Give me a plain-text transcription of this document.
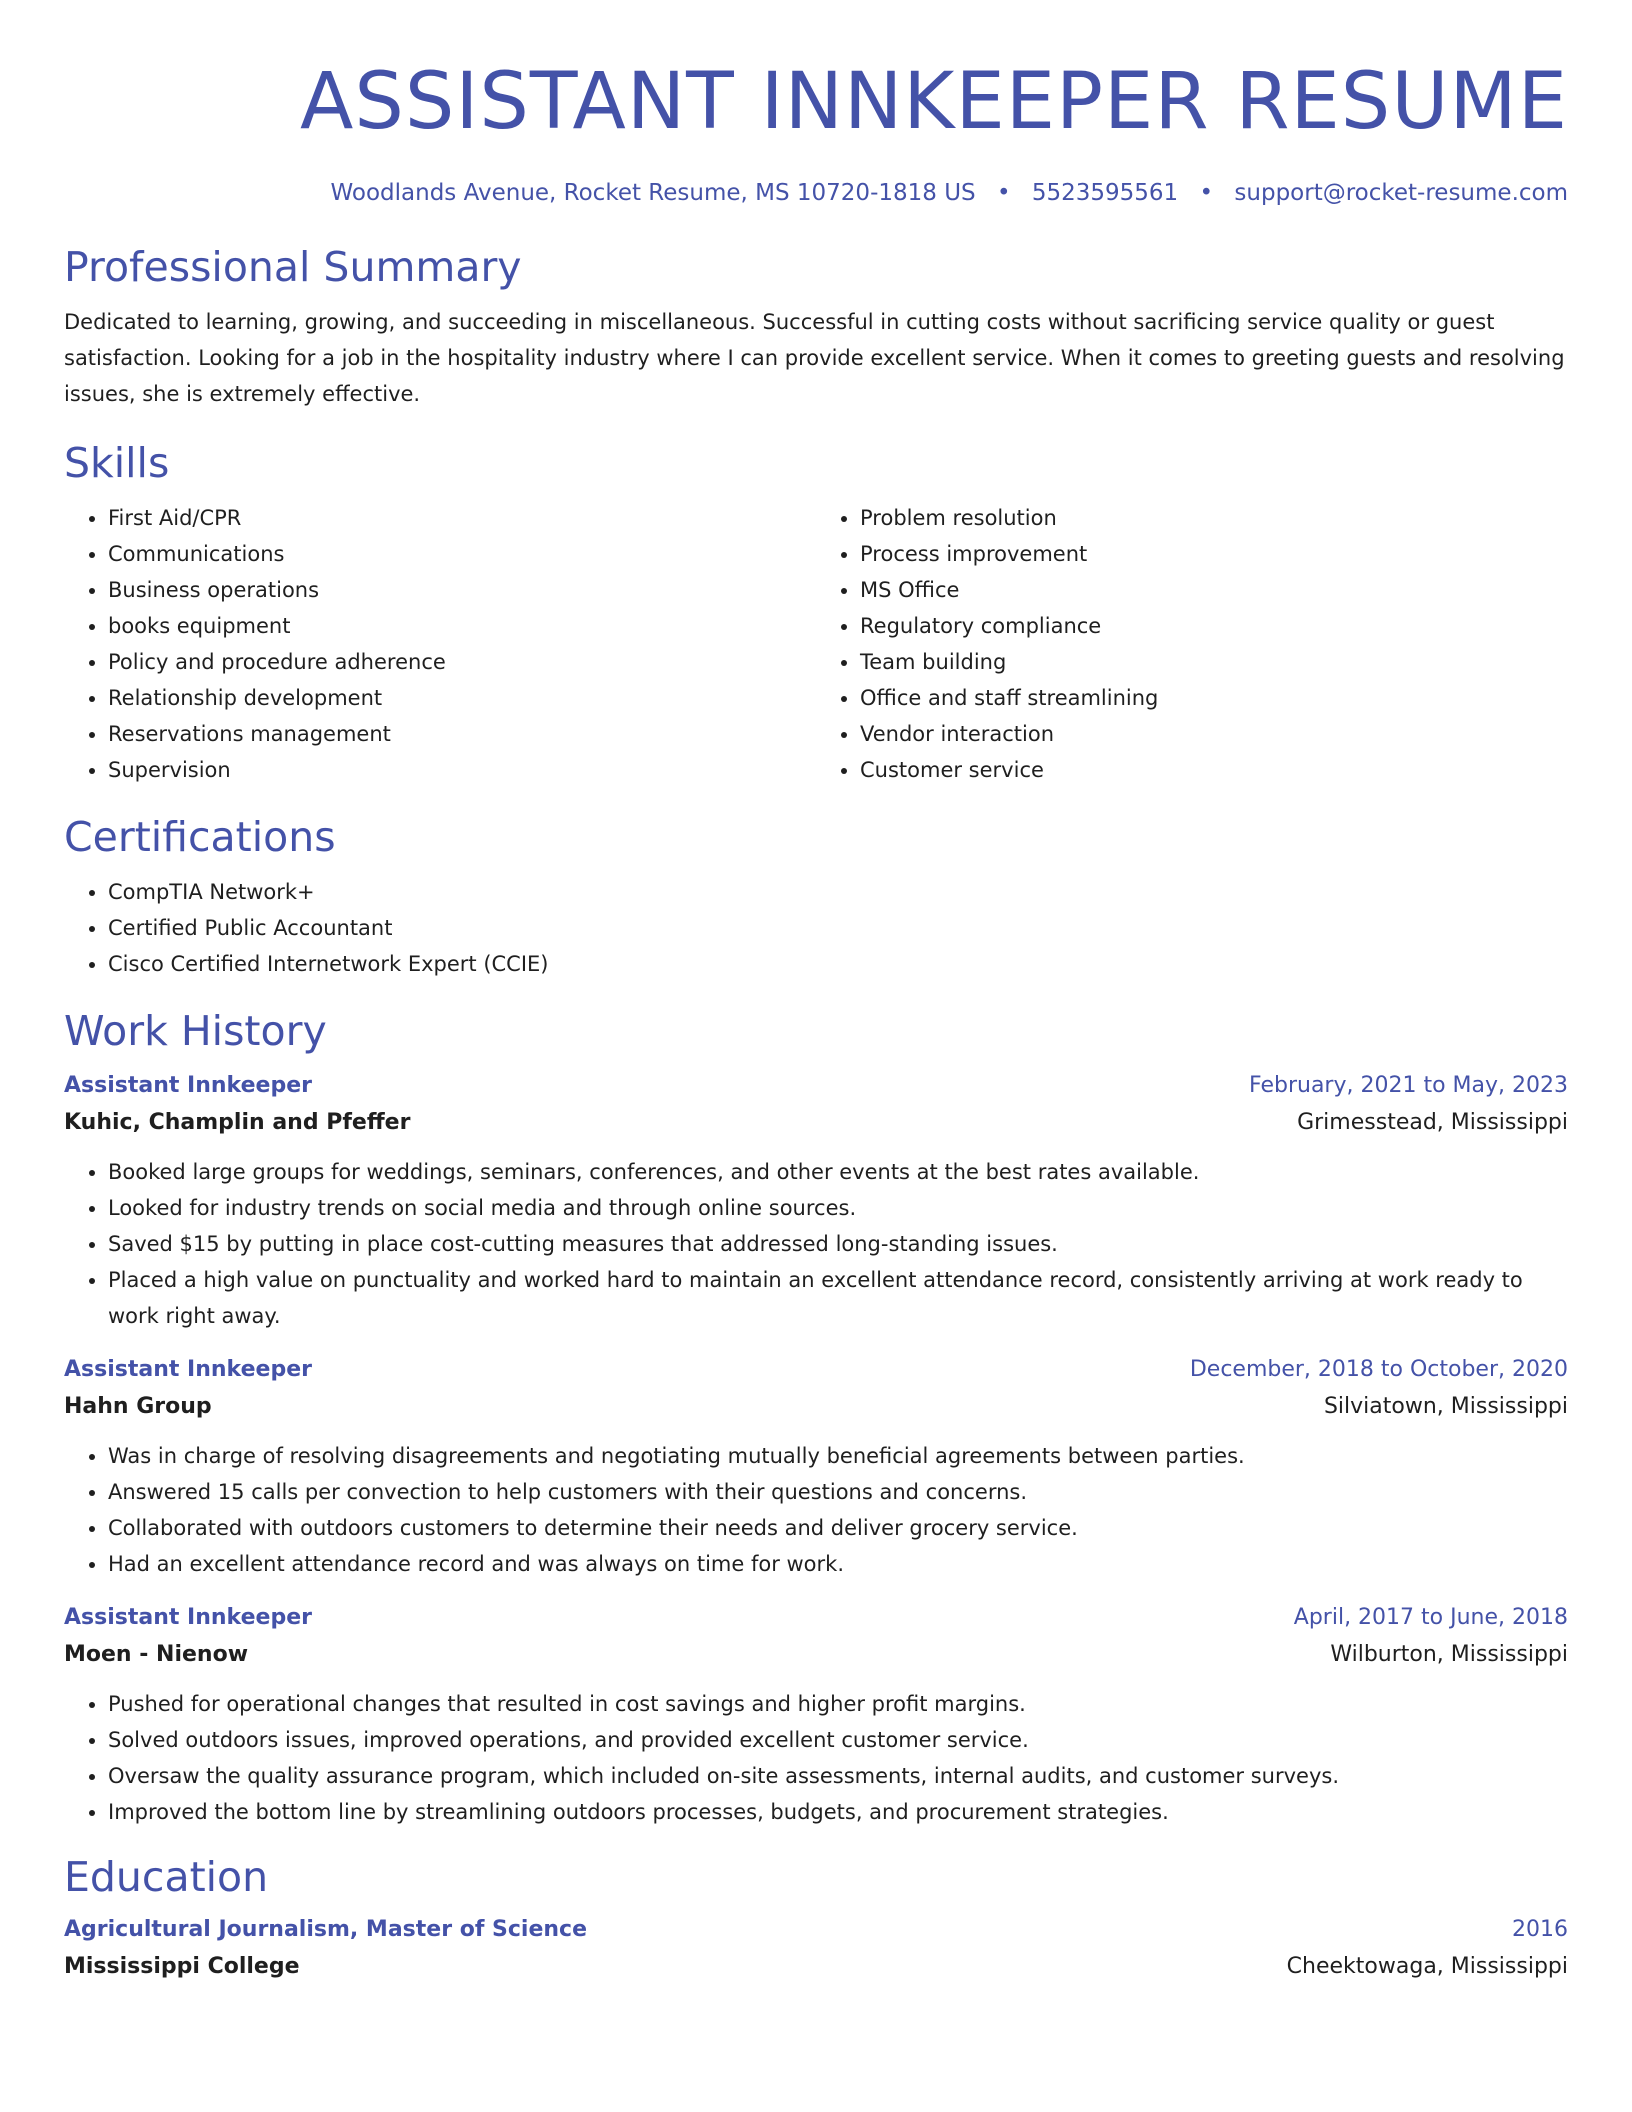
ASSISTANT INNKEEPER RESUME
Woodlands Avenue, Rocket Resume, MS 10720-1818 US • 5523595561 • support@rocket-resume.com
Professional Summary

Dedicated to learning, growing, and succeeding in miscellaneous. Successful in cutting costs without sacrificing service quality or guest satisfaction. Looking for a job in the hospitality industry where I can provide excellent service. When it comes to greeting guests and resolving issues, she is extremely effective.

Skills
• First Aid/CPR
• Communications
• Business operations
• books equipment
• Policy and procedure adherence
• Relationship development
• Reservations management
• Supervision
• Problem resolution
• Process improvement
• MS Office
• Regulatory compliance
• Team building
• Office and staff streamlining
• Vendor interaction
• Customer service
Certifications
• CompTIA Network+
• Certified Public Accountant
• Cisco Certified Internetwork Expert (CCIE)
Work History
Assistant Innkeeper	February, 2021 to May, 2023
Kuhic, Champlin and Pfeffer	Grimesstead, Mississippi
• Booked large groups for weddings, seminars, conferences, and other events at the best rates available.
• Looked for industry trends on social media and through online sources.
• Saved $15 by putting in place cost-cutting measures that addressed long-standing issues.
• Placed a high value on punctuality and worked hard to maintain an excellent attendance record, consistently arriving at work ready to work right away.
Assistant Innkeeper	December, 2018 to October, 2020
Hahn Group	Silviatown, Mississippi
• Was in charge of resolving disagreements and negotiating mutually beneficial agreements between parties.
• Answered 15 calls per convection to help customers with their questions and concerns.
• Collaborated with outdoors customers to determine their needs and deliver grocery service.
• Had an excellent attendance record and was always on time for work.
Assistant Innkeeper	April, 2017 to June, 2018
Moen - Nienow	Wilburton, Mississippi
• Pushed for operational changes that resulted in cost savings and higher profit margins.
• Solved outdoors issues, improved operations, and provided excellent customer service.
• Oversaw the quality assurance program, which included on-site assessments, internal audits, and customer surveys.
• Improved the bottom line by streamlining outdoors processes, budgets, and procurement strategies.
Education
Agricultural Journalism, Master of Science	2016
Mississippi College	Cheektowaga, Mississippi
